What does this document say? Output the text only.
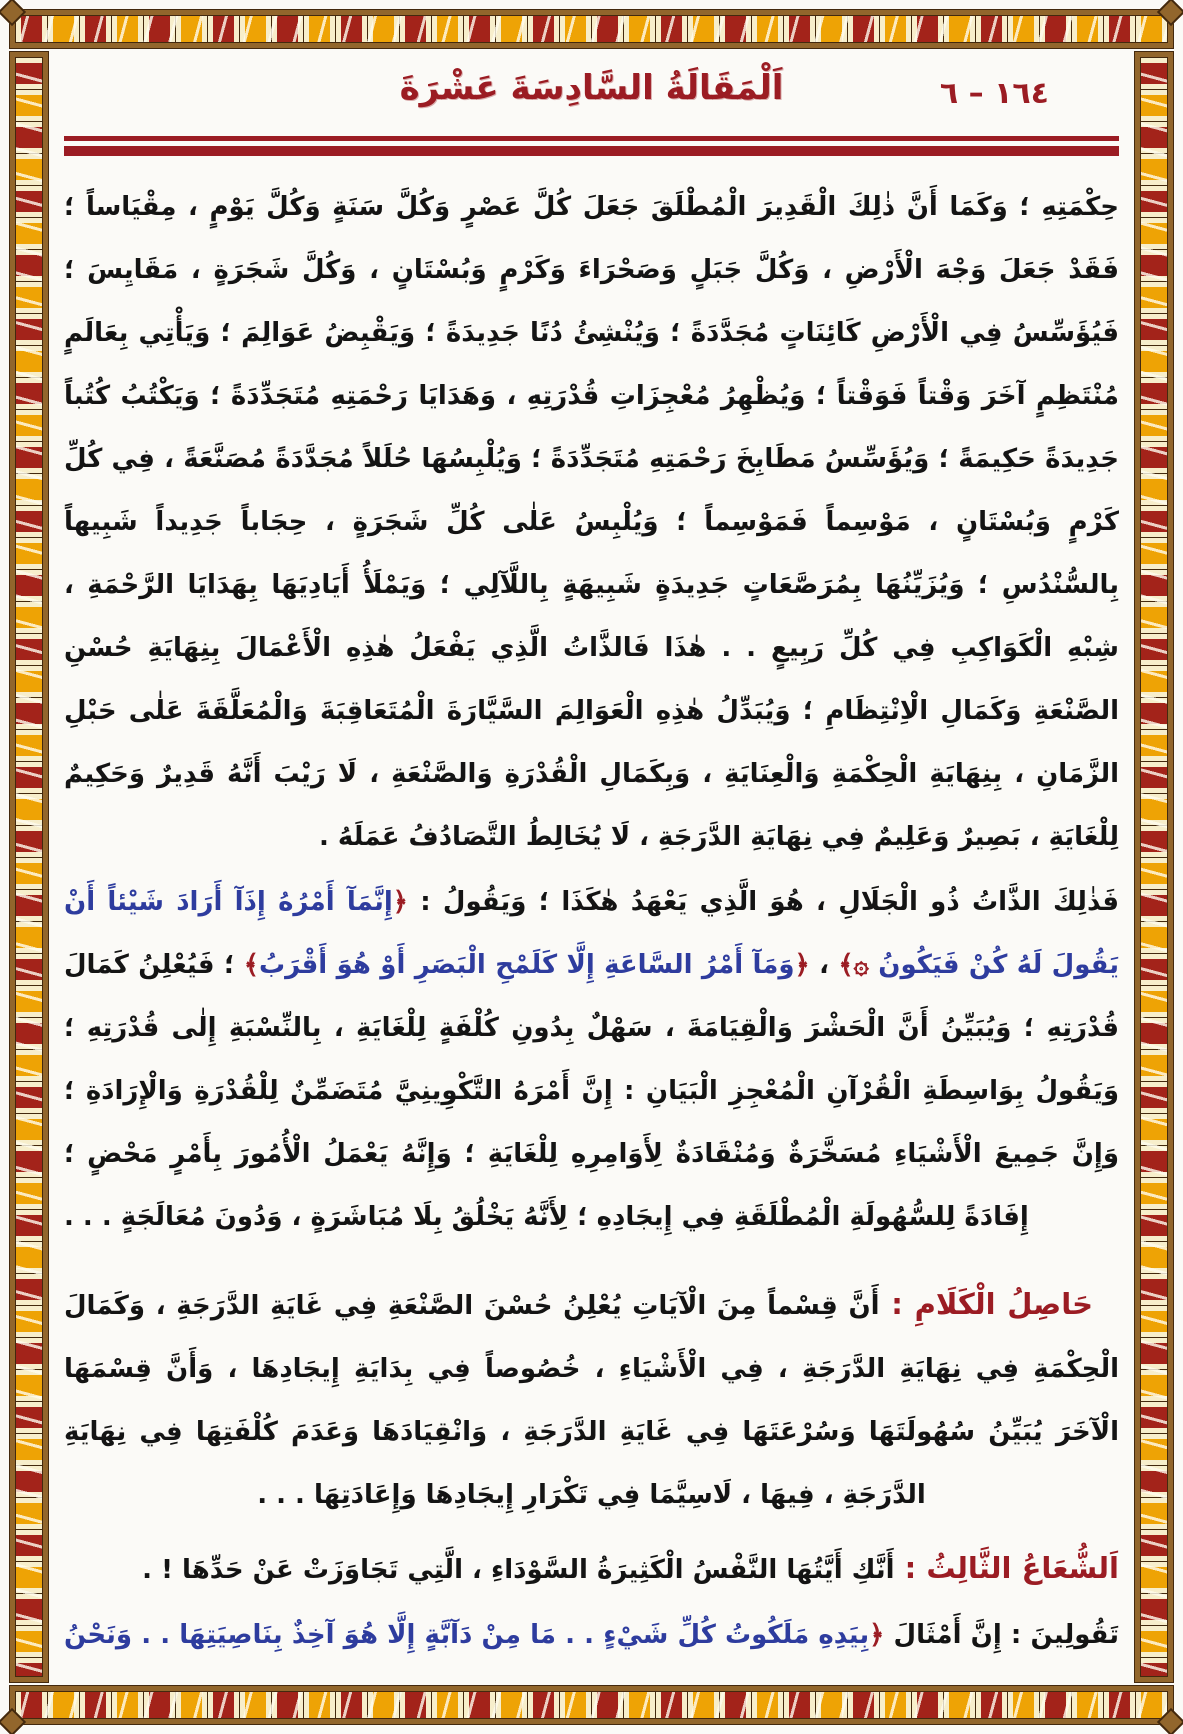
١٦٤ – ٦
اَلْمَقَالَةُ السَّادِسَةَ عَشْرَةَ

حِكْمَتِهِ ؛ وَكَمَا أَنَّ ذٰلِكَ الْقَدِيرَ الْمُطْلَقَ جَعَلَ كُلَّ عَصْرٍ وَكُلَّ سَنَةٍ وَكُلَّ يَوْمٍ ، مِقْيَاساً ؛ فَقَدْ جَعَلَ وَجْهَ الْأَرْضِ ، وَكُلَّ جَبَلٍ وَصَحْرَاءَ وَكَرْمٍ وَبُسْتَانٍ ، وَكُلَّ شَجَرَةٍ ، مَقَايِسَ ؛ فَيُؤَسِّسُ فِي الْأَرْضِ كَائِنَاتٍ مُجَدَّدَةً ؛ وَيُنْشِئُ دُنًا جَدِيدَةً ؛ وَيَقْبِضُ عَوَالِمَ ؛ وَيَأْتِي بِعَالَمٍ مُنْتَظِمٍ آخَرَ وَقْتاً فَوَقْتاً ؛ وَيُظْهِرُ مُعْجِزَاتِ قُدْرَتِهِ ، وَهَدَايَا رَحْمَتِهِ مُتَجَدِّدَةً ؛ وَيَكْتُبُ كُتُباً جَدِيدَةً حَكِيمَةً ؛ وَيُؤَسِّسُ مَطَابِخَ رَحْمَتِهِ مُتَجَدِّدَةً ؛ وَيُلْبِسُهَا حُلَلاً مُجَدَّدَةً مُصَنَّعَةً ، فِي كُلِّ كَرْمٍ وَبُسْتَانٍ ، مَوْسِماً فَمَوْسِماً ؛ وَيُلْبِسُ عَلٰى كُلِّ شَجَرَةٍ ، حِجَاباً جَدِيداً شَبِيهاً بِالسُّنْدُسِ ؛ وَيُزَيِّنُهَا بِمُرَصَّعَاتٍ جَدِيدَةٍ شَبِيهَةٍ بِاللَّآلِي ؛ وَيَمْلَأُ أَيَادِيَهَا بِهَدَايَا الرَّحْمَةِ ، شِبْهِ الْكَوَاكِبِ فِي كُلِّ رَبِيعٍ . . هٰذَا فَالذَّاتُ الَّذِي يَفْعَلُ هٰذِهِ الْأَعْمَالَ بِنِهَايَةِ حُسْنِ الصَّنْعَةِ وَكَمَالِ الْاِنْتِظَامِ ؛ وَيُبَدِّلُ هٰذِهِ الْعَوَالِمَ السَّيَّارَةَ الْمُتَعَاقِبَةَ وَالْمُعَلَّقَةَ عَلٰى حَبْلِ الزَّمَانِ ، بِنِهَايَةِ الْحِكْمَةِ وَالْعِنَايَةِ ، وَبِكَمَالِ الْقُدْرَةِ وَالصَّنْعَةِ ، لَا رَيْبَ أَنَّهُ قَدِيرٌ وَحَكِيمٌ لِلْغَايَةِ ، بَصِيرٌ وَعَلِيمٌ فِي نِهَايَةِ الدَّرَجَةِ ، لَا يُخَالِطُ التَّصَادُفُ عَمَلَهُ .

فَذٰلِكَ الذَّاتُ ذُو الْجَلَالِ ، هُوَ الَّذِي يَعْهَدُ هٰكَذَا ؛ وَيَقُولُ : ﴿إِنَّمَآ أَمْرُهُ إِذَآ أَرَادَ شَيْئاً أَنْ يَقُولَ لَهُ كُنْ فَيَكُونُ ۞﴾ ، ﴿وَمَآ أَمْرُ السَّاعَةِ إِلَّا كَلَمْحِ الْبَصَرِ أَوْ هُوَ أَقْرَبُ﴾ ؛ فَيُعْلِنُ كَمَالَ قُدْرَتِهِ ؛ وَيُبَيِّنُ أَنَّ الْحَشْرَ وَالْقِيَامَةَ ، سَهْلٌ بِدُونِ كُلْفَةٍ لِلْغَايَةِ ، بِالنِّسْبَةِ إِلٰى قُدْرَتِهِ ؛ وَيَقُولُ بِوَاسِطَةِ الْقُرْآنِ الْمُعْجِزِ الْبَيَانِ : إِنَّ أَمْرَهُ التَّكْوِينِيَّ مُتَضَمِّنٌ لِلْقُدْرَةِ وَالْإِرَادَةِ ؛ وَإِنَّ جَمِيعَ الْأَشْيَاءِ مُسَخَّرَةٌ وَمُنْقَادَةٌ لِأَوَامِرِهِ لِلْغَايَةِ ؛ وَإِنَّهُ يَعْمَلُ الْأُمُورَ بِأَمْرٍ مَحْضٍ ؛ إِفَادَةً لِلسُّهُولَةِ الْمُطْلَقَةِ فِي إِيجَادِهِ ؛ لِأَنَّهُ يَخْلُقُ بِلَا مُبَاشَرَةٍ ، وَدُونَ مُعَالَجَةٍ . . .

حَاصِلُ الْكَلَامِ : أَنَّ قِسْماً مِنَ الْآيَاتِ يُعْلِنُ حُسْنَ الصَّنْعَةِ فِي غَايَةِ الدَّرَجَةِ ، وَكَمَالَ الْحِكْمَةِ فِي نِهَايَةِ الدَّرَجَةِ ، فِي الْأَشْيَاءِ ، خُصُوصاً فِي بِدَايَةِ إِيجَادِهَا ، وَأَنَّ قِسْمَهَا الْآخَرَ يُبَيِّنُ سُهُولَتَهَا وَسُرْعَتَهَا فِي غَايَةِ الدَّرَجَةِ ، وَانْقِيَادَهَا وَعَدَمَ كُلْفَتِهَا فِي نِهَايَةِ الدَّرَجَةِ ، فِيهَا ، لَاسِيَّمَا فِي تَكْرَارِ إِيجَادِهَا وَإِعَادَتِهَا . . .

اَلشُّعَاعُ الثَّالِثُ : أَنَّكِ أَيَّتُهَا النَّفْسُ الْكَثِيرَةُ السَّوْدَاءِ ، الَّتِي تَجَاوَزَتْ عَنْ حَدِّهَا ! .

تَقُولِينَ : إِنَّ أَمْثَالَ ﴿بِيَدِهِ مَلَكُوتُ كُلِّ شَيْءٍ . . مَا مِنْ دَآبَّةٍ إِلَّا هُوَ آخِذٌ بِنَاصِيَتِهَا . . وَنَحْنُ
